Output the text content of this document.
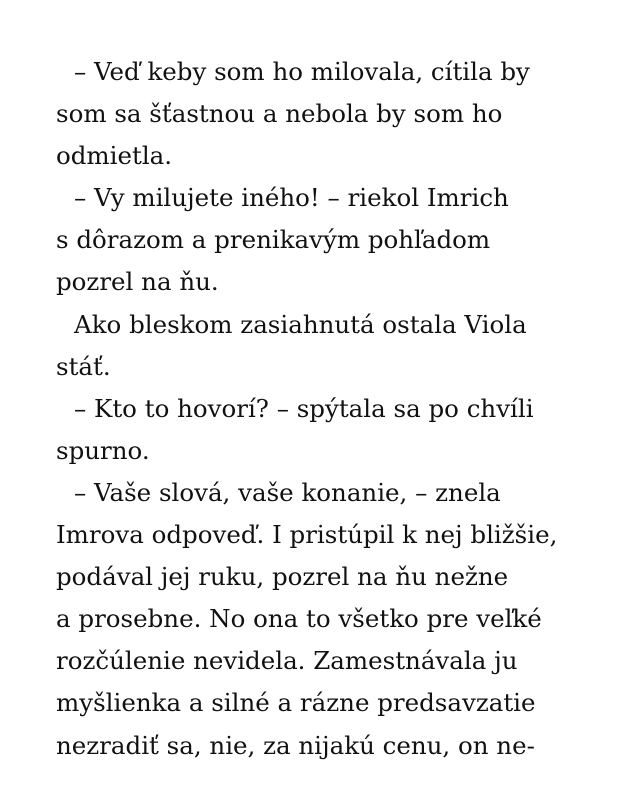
– Veď keby som ho milovala, cítila by
som sa šťastnou a nebola by som ho
odmietla.
– Vy milujete iného! – riekol Imrich
s dôrazom a prenikavým pohľadom
pozrel na ňu.
Ako bleskom zasiahnutá ostala Viola
stáť.
– Kto to hovorí? – spýtala sa po chvíli
spurno.
– Vaše slová, vaše konanie, – znela
Imrova odpoveď. I pristúpil k nej bližšie,
podával jej ruku, pozrel na ňu nežne
a prosebne. No ona to všetko pre veľké
rozčúlenie nevidela. Zamestnávala ju
myšlienka a silné a rázne predsavzatie
nezradiť sa, nie, za nijakú cenu, on ne-
